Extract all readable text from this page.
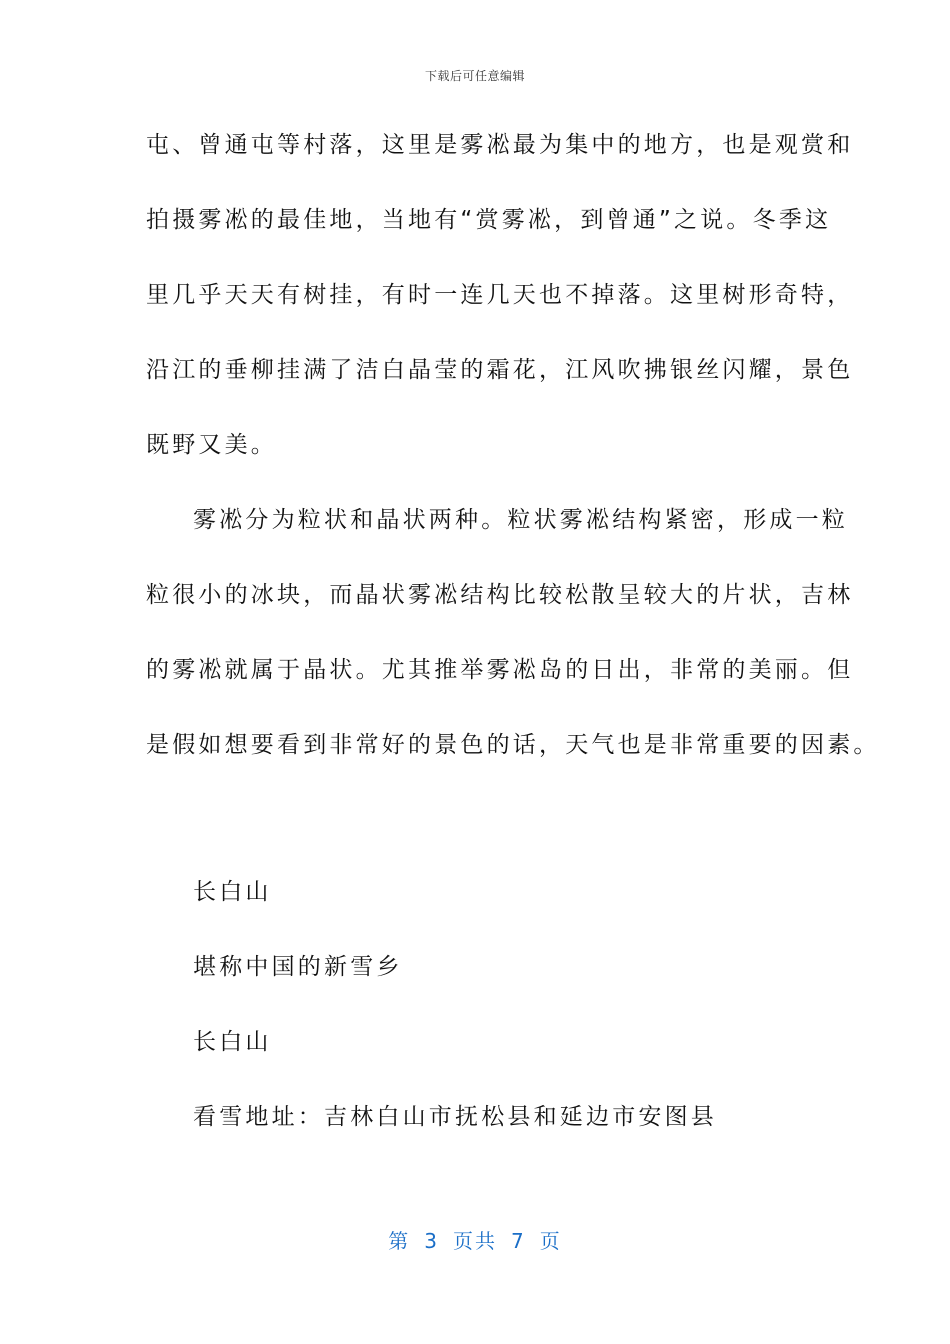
下载后可任意编辑
屯、曾通屯等村落，这里是雾凇最为集中的地方，也是观赏和
拍摄雾凇的最佳地，当地有“赏雾凇，到曾通”之说。冬季这
里几乎天天有树挂，有时一连几天也不掉落。这里树形奇特，
沿江的垂柳挂满了洁白晶莹的霜花，江风吹拂银丝闪耀，景色
既野又美。
雾凇分为粒状和晶状两种。粒状雾凇结构紧密，形成一粒
粒很小的冰块，而晶状雾凇结构比较松散呈较大的片状，吉林
的雾凇就属于晶状。尤其推举雾凇岛的日出，非常的美丽。但
是假如想要看到非常好的景色的话，天气也是非常重要的因素。
长白山
堪称中国的新雪乡
长白山
看雪地址：吉林白山市抚松县和延边市安图县
第 3 页共 7 页
